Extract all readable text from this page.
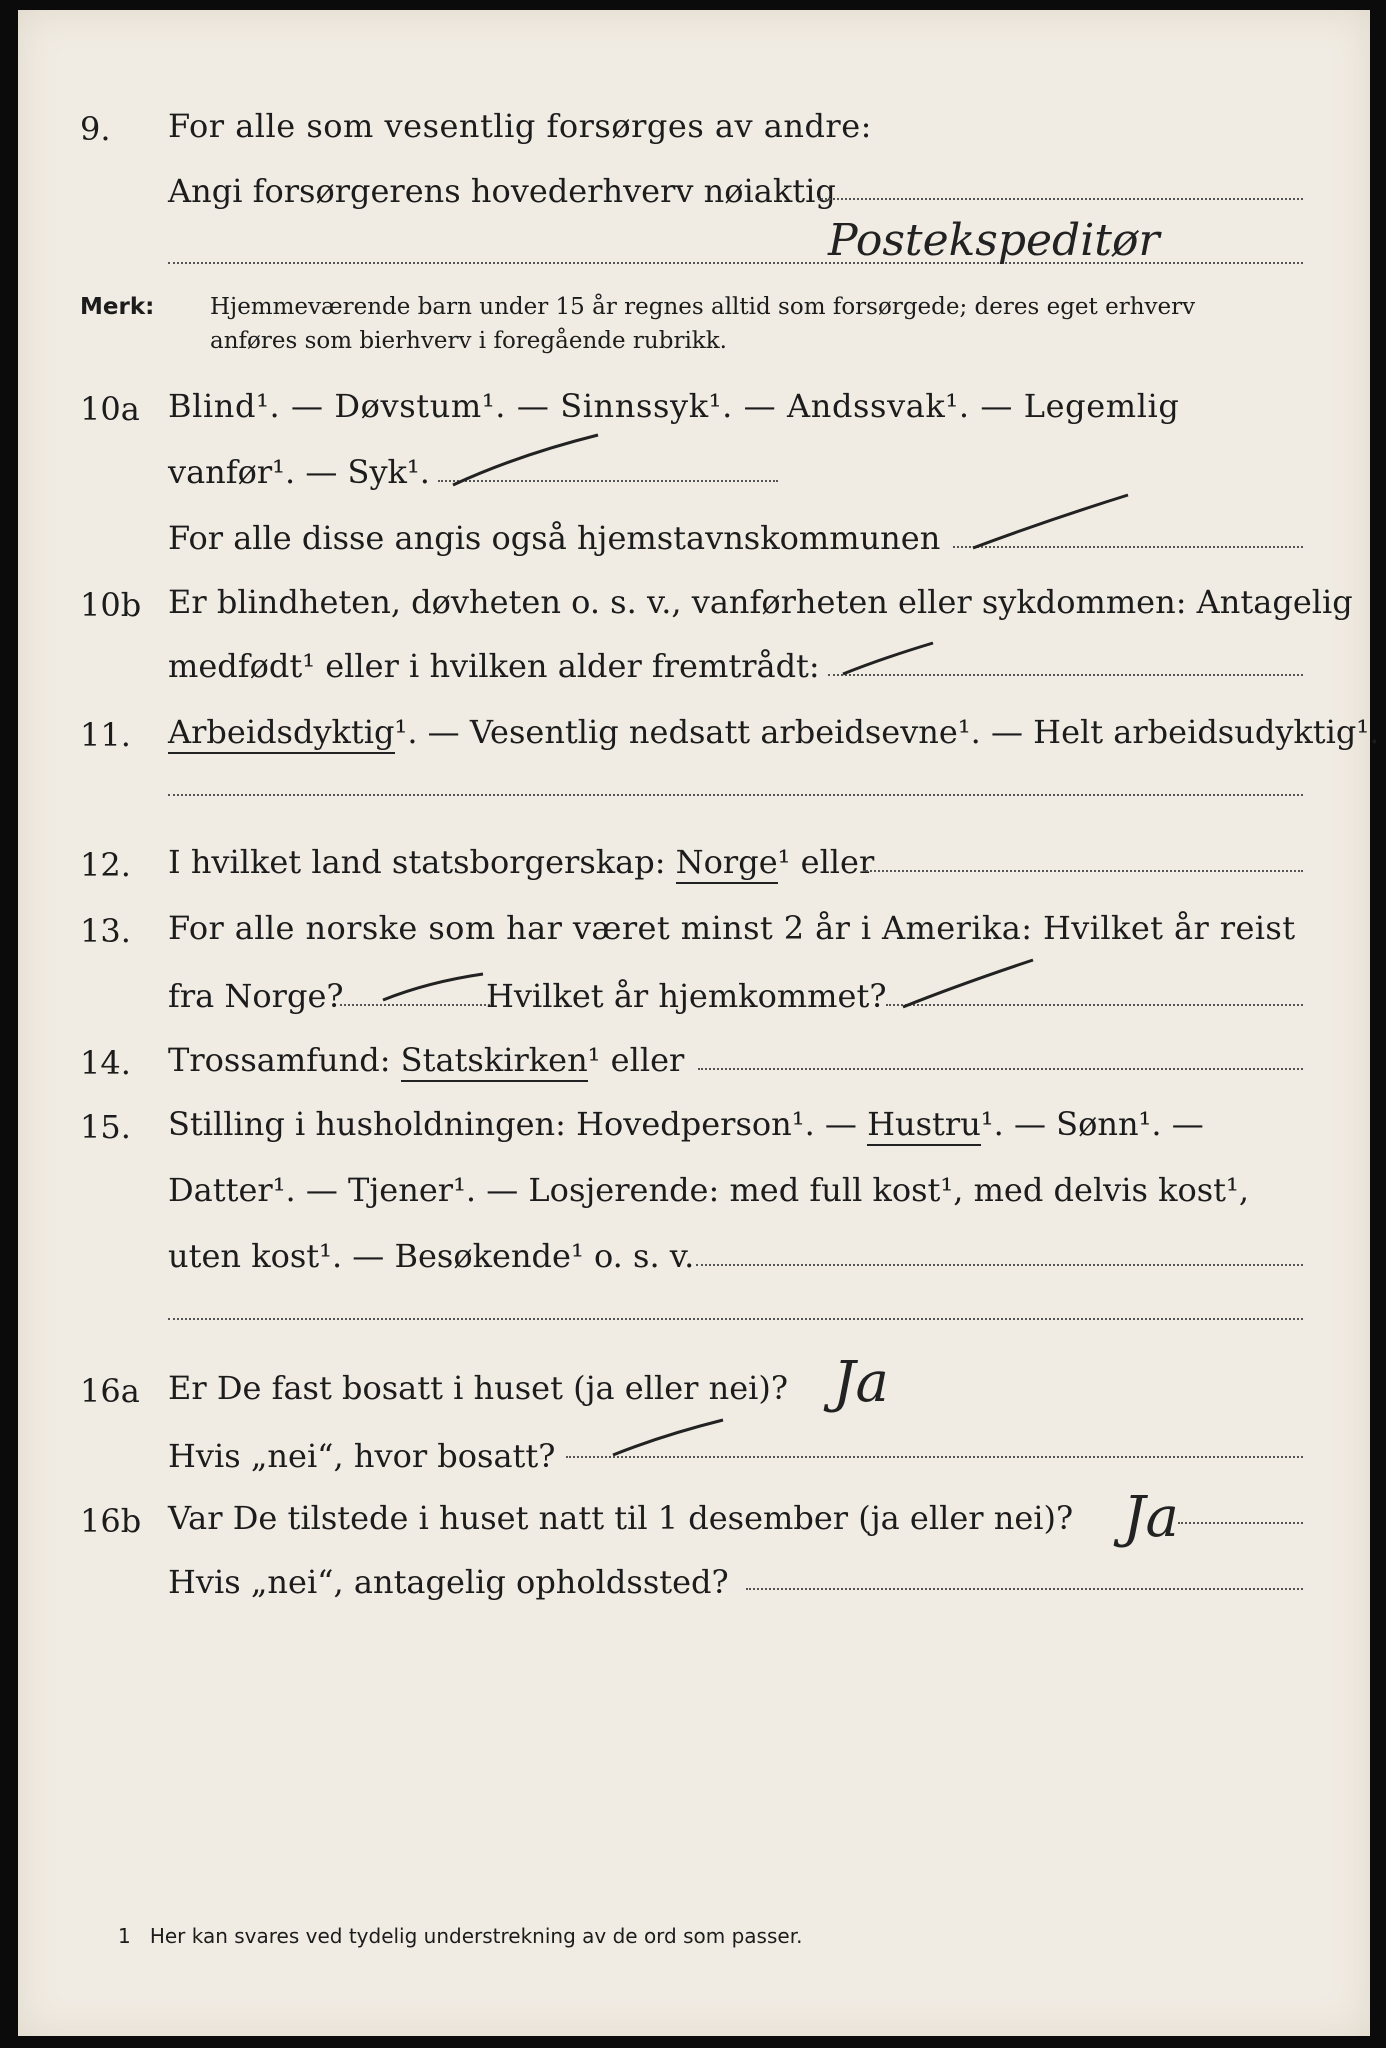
9. For alle som vesentlig forsørges av andre:
Angi forsørgerens hovederhverv nøiaktig
Postekspeditør
Merk: Hjemmeværende barn under 15 år regnes alltid som forsørgede; deres eget erhverv
anføres som bierhverv i foregående rubrikk.
10a Blind¹. — Døvstum¹. — Sinnssyk¹. — Andssvak¹. — Legemlig
vanfør¹. — Syk¹.
For alle disse angis også hjemstavnskommunen
10b Er blindheten, døvheten o. s. v., vanførheten eller sykdommen: Antagelig
medfødt¹ eller i hvilken alder fremtrådt:
11. Arbeidsdyktig¹. — Vesentlig nedsatt arbeidsevne¹. — Helt arbeidsudyktig¹.
12. I hvilket land statsborgerskap: Norge¹ eller
13. For alle norske som har været minst 2 år i Amerika: Hvilket år reist
fra Norge?	Hvilket år hjemkommet?
14. Trossamfund: Statskirken¹ eller
15. Stilling i husholdningen: Hovedperson¹. — Hustru¹. — Sønn¹. —
Datter¹. — Tjener¹. — Losjerende: med full kost¹, med delvis kost¹,
uten kost¹. — Besøkende¹ o. s. v.
16a Er De fast bosatt i huset (ja eller nei)? Ja
Hvis „nei“, hvor bosatt?
16b Var De tilstede i huset natt til 1 desember (ja eller nei)? Ja
Hvis „nei“, antagelig opholdssted?
1 Her kan svares ved tydelig understrekning av de ord som passer.
